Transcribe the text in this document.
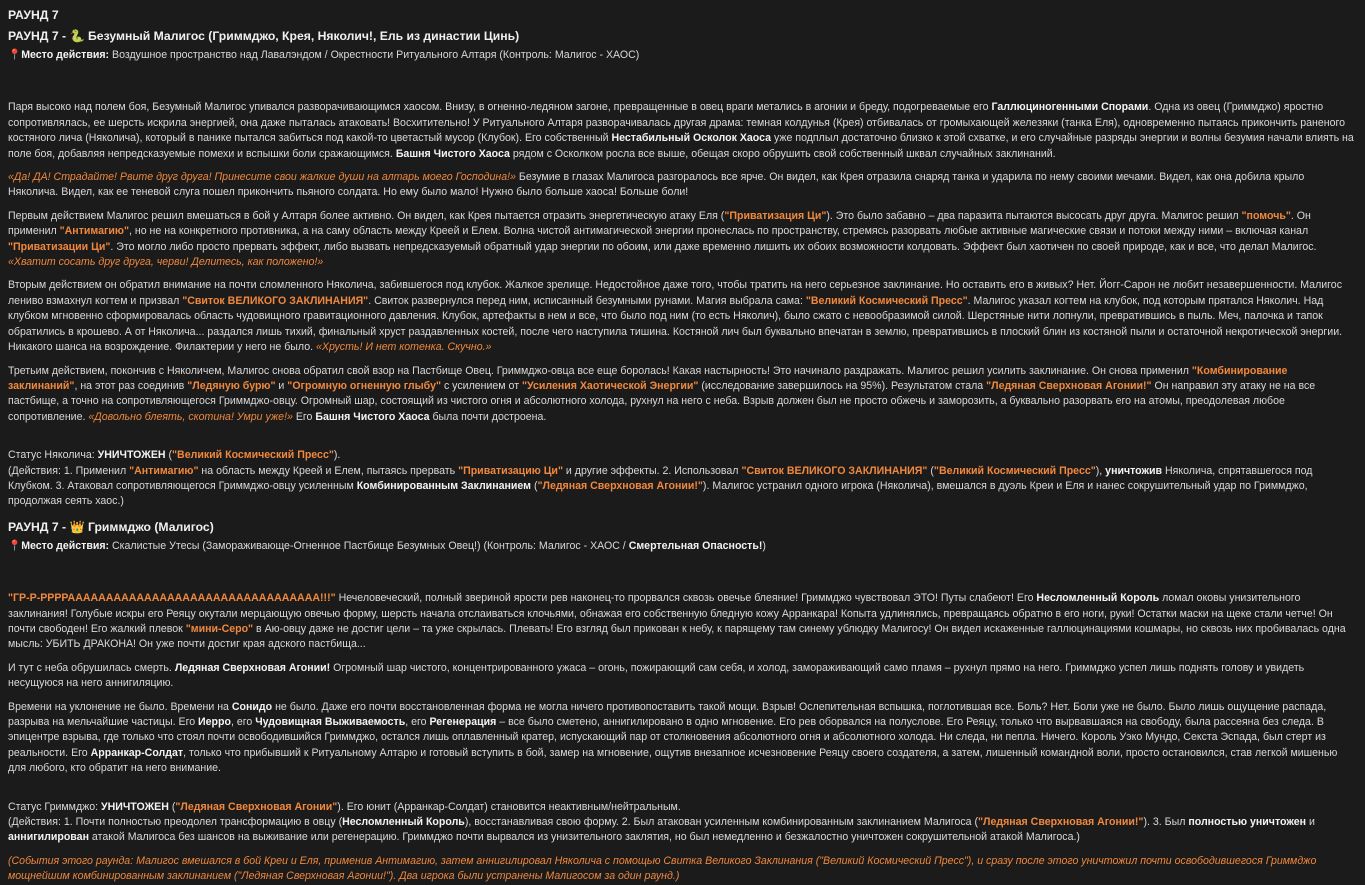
РАУНД 7
РАУНД 7 - 🐍 Безумный Малигос (Гриммджо, Крея, Няколич!, Ель из династии Цинь)
📍Место действия: Воздушное пространство над Лавалэндом / Окрестности Ритуального Алтаря (Контроль: Малигос - ХАОС)

Паря высоко над полем боя, Безумный Малигос упивался разворачивающимся хаосом. Внизу, в огненно-ледяном загоне, превращенные в овец враги метались в агонии и бреду, подогреваемые его Галлюциногенными Спорами. Одна из овец (Гриммджо) яростно сопротивлялась, ее шерсть искрила энергией, она даже пыталась атаковать! Восхитительно! У Ритуального Алтаря разворачивалась другая драма: темная колдунья (Крея) отбивалась от громыхающей железяки (танка Еля), одновременно пытаясь прикончить раненого костяного лича (Няколича), который в панике пытался забиться под какой-то цветастый мусор (Клубок). Его собственный Нестабильный Осколок Хаоса уже подплыл достаточно близко к этой схватке, и его случайные разряды энергии и волны безумия начали влиять на поле боя, добавляя непредсказуемые помехи и вспышки боли сражающимся. Башня Чистого Хаоса рядом с Осколком росла все выше, обещая скоро обрушить свой собственный шквал случайных заклинаний.

«Да! ДА! Страдайте! Рвите друг друга! Принесите свои жалкие души на алтарь моего Господина!» Безумие в глазах Малигоса разгоралось все ярче. Он видел, как Крея отразила снаряд танка и ударила по нему своими мечами. Видел, как она добила крыло Няколича. Видел, как ее теневой слуга пошел прикончить пьяного солдата. Но ему было мало! Нужно было больше хаоса! Больше боли!

Первым действием Малигос решил вмешаться в бой у Алтаря более активно. Он видел, как Крея пытается отразить энергетическую атаку Еля ("Приватизация Ци"). Это было забавно – два паразита пытаются высосать друг друга. Малигос решил "помочь". Он применил "Антимагию", но не на конкретного противника, а на саму область между Креей и Елем. Волна чистой антимагической энергии пронеслась по пространству, стремясь разорвать любые активные магические связи и потоки между ними – включая канал "Приватизации Ци". Это могло либо просто прервать эффект, либо вызвать непредсказуемый обратный удар энергии по обоим, или даже временно лишить их обоих возможности колдовать. Эффект был хаотичен по своей природе, как и все, что делал Малигос.
«Хватит сосать друг друга, черви! Делитесь, как положено!»

Вторым действием он обратил внимание на почти сломленного Няколича, забившегося под клубок. Жалкое зрелище. Недостойное даже того, чтобы тратить на него серьезное заклинание. Но оставить его в живых? Нет. Йогг-Сарон не любит незавершенности. Малигос лениво взмахнул когтем и призвал "Свиток ВЕЛИКОГО ЗАКЛИНАНИЯ". Свиток развернулся перед ним, исписанный безумными рунами. Магия выбрала сама: "Великий Космический Пресс". Малигос указал когтем на клубок, под которым прятался Няколич. Над клубком мгновенно сформировалась область чудовищного гравитационного давления. Клубок, артефакты в нем и все, что было под ним (то есть Няколич), было сжато с невообразимой силой. Шерстяные нити лопнули, превратившись в пыль. Меч, палочка и тапок обратились в крошево. А от Няколича... раздался лишь тихий, финальный хруст раздавленных костей, после чего наступила тишина. Костяной лич был буквально впечатан в землю, превратившись в плоский блин из костяной пыли и остаточной некротической энергии. Никакого шанса на возрождение. Филактерии у него не было. «Хрусть! И нет котенка. Скучно.»

Третьим действием, покончив с Няколичем, Малигос снова обратил свой взор на Пастбище Овец. Гриммджо-овца все еще боролась! Какая настырность! Это начинало раздражать. Малигос решил усилить заклинание. Он снова применил "Комбинирование заклинаний", на этот раз соединив "Ледяную бурю" и "Огромную огненную глыбу" с усилением от "Усиления Хаотической Энергии" (исследование завершилось на 95%). Результатом стала "Ледяная Сверхновая Агонии!" Он направил эту атаку не на все пастбище, а точно на сопротивляющегося Гриммджо-овцу. Огромный шар, состоящий из чистого огня и абсолютного холода, рухнул на него с неба. Взрыв должен был не просто обжечь и заморозить, а буквально разорвать его на атомы, преодолевая любое сопротивление. «Довольно блеять, скотина! Умри уже!» Его Башня Чистого Хаоса была почти достроена.

Статус Няколича: УНИЧТОЖЕН ("Великий Космический Пресс").

(Действия: 1. Применил "Антимагию" на область между Креей и Елем, пытаясь прервать "Приватизацию Ци" и другие эффекты. 2. Использовал "Свиток ВЕЛИКОГО ЗАКЛИНАНИЯ" ("Великий Космический Пресс"), уничтожив Няколича, спрятавшегося под Клубком. 3. Атаковал сопротивляющегося Гриммджо-овцу усиленным Комбинированным Заклинанием ("Ледяная Сверхновая Агонии!"). Малигос устранил одного игрока (Няколича), вмешался в дуэль Креи и Еля и нанес сокрушительный удар по Гриммджо, продолжая сеять хаос.)

РАУНД 7 - 👑 Гриммджо (Малигос)
📍Место действия: Скалистые Утесы (Замораживающе-Огненное Пастбище Безумных Овец!) (Контроль: Малигос - ХАОС / Смертельная Опасность!)

"ГР-Р-РРРРААААААААААААААААААААААААААААААААА!!!" Нечеловеческий, полный звериной ярости рев наконец-то прорвался сквозь овечье блеяние! Гриммджо чувствовал ЭТО! Путы слабеют! Его Несломленный Король ломал оковы унизительного заклинания! Голубые искры его Реяцу окутали мерцающую овечью форму, шерсть начала отслаиваться клочьями, обнажая его собственную бледную кожу Арранкара! Копыта удлинялись, превращаясь обратно в его ноги, руки! Остатки маски на щеке стали четче! Он почти свободен! Его жалкий плевок "мини-Серо" в Аю-овцу даже не достиг цели – та уже скрылась. Плевать! Его взгляд был прикован к небу, к парящему там синему ублюдку Малигосу! Он видел искаженные галлюцинациями кошмары, но сквозь них пробивалась одна мысль: УБИТЬ ДРАКОНА! Он уже почти достиг края адского пастбища...

И тут с неба обрушилась смерть. Ледяная Сверхновая Агонии! Огромный шар чистого, концентрированного ужаса – огонь, пожирающий сам себя, и холод, замораживающий само пламя – рухнул прямо на него. Гриммджо успел лишь поднять голову и увидеть несущуюся на него аннигиляцию.

Времени на уклонение не было. Времени на Сонидо не было. Даже его почти восстановленная форма не могла ничего противопоставить такой мощи. Взрыв! Ослепительная вспышка, поглотившая все. Боль? Нет. Боли уже не было. Было лишь ощущение распада, разрыва на мельчайшие частицы. Его Иерро, его Чудовищная Выживаемость, его Регенерация – все было сметено, аннигилировано в одно мгновение. Его рев оборвался на полуслове. Его Реяцу, только что вырвавшаяся на свободу, была рассеяна без следа. В эпицентре взрыва, где только что стоял почти освободившийся Гриммджо, остался лишь оплавленный кратер, испускающий пар от столкновения абсолютного огня и абсолютного холода. Ни следа, ни пепла. Ничего. Король Уэко Мундо, Секста Эспада, был стерт из реальности. Его Арранкар-Солдат, только что прибывший к Ритуальному Алтарю и готовый вступить в бой, замер на мгновение, ощутив внезапное исчезновение Реяцу своего создателя, а затем, лишенный командной воли, просто остановился, став легкой мишенью для любого, кто обратит на него внимание.

Статус Гриммджо: УНИЧТОЖЕН ("Ледяная Сверхновая Агонии"). Его юнит (Арранкар-Солдат) становится неактивным/нейтральным.

(Действия: 1. Почти полностью преодолел трансформацию в овцу (Несломленный Король), восстанавливая свою форму. 2. Был атакован усиленным комбинированным заклинанием Малигоса ("Ледяная Сверхновая Агонии!"). 3. Был полностью уничтожен и аннигилирован атакой Малигоса без шансов на выживание или регенерацию. Гриммджо почти вырвался из унизительного заклятия, но был немедленно и безжалостно уничтожен сокрушительной атакой Малигоса.)

(События этого раунда: Малигос вмешался в бой Креи и Еля, применив Антимагию, затем аннигилировал Няколича с помощью Свитка Великого Заклинания ("Великий Космический Пресс"), и сразу после этого уничтожил почти освободившегося Гриммджо мощнейшим комбинированным заклинанием ("Ледяная Сверхновая Агонии!"). Два игрока были устранены Малигосом за один раунд.)
